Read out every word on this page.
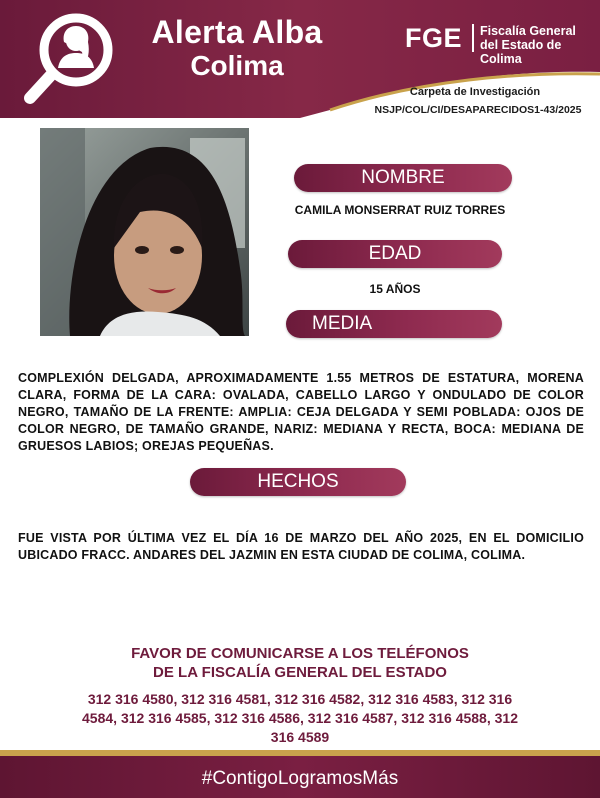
Alerta Alba
Colima
FGE Fiscalía General
del Estado de Colima
Carpeta de Investigación
NSJP/COL/CI/DESAPARECIDOS1-43/2025
NOMBRE
CAMILA MONSERRAT RUIZ TORRES
EDAD
15 AÑOS
MEDIA
COMPLEXIÓN DELGADA, APROXIMADAMENTE 1.55 METROS DE ESTATURA, MORENA CLARA, FORMA DE LA CARA: OVALADA, CABELLO LARGO Y ONDULADO DE COLOR NEGRO, TAMAÑO DE LA FRENTE: AMPLIA: CEJA DELGADA Y SEMI POBLADA: OJOS DE COLOR NEGRO, DE TAMAÑO GRANDE, NARIZ: MEDIANA Y RECTA, BOCA: MEDIANA DE GRUESOS LABIOS; OREJAS PEQUEÑAS.
HECHOS
FUE VISTA POR ÚLTIMA VEZ EL DÍA 16 DE MARZO DEL AÑO 2025, EN EL DOMICILIO UBICADO FRACC. ANDARES DEL JAZMIN EN ESTA CIUDAD DE COLIMA, COLIMA.
FAVOR DE COMUNICARSE A LOS TELÉFONOS
DE LA FISCALÍA GENERAL DEL ESTADO
312 316 4580, 312 316 4581, 312 316 4582, 312 316 4583, 312 316 4584, 312 316 4585, 312 316 4586, 312 316 4587, 312 316 4588, 312 316 4589
#ContigoLogramosMás
